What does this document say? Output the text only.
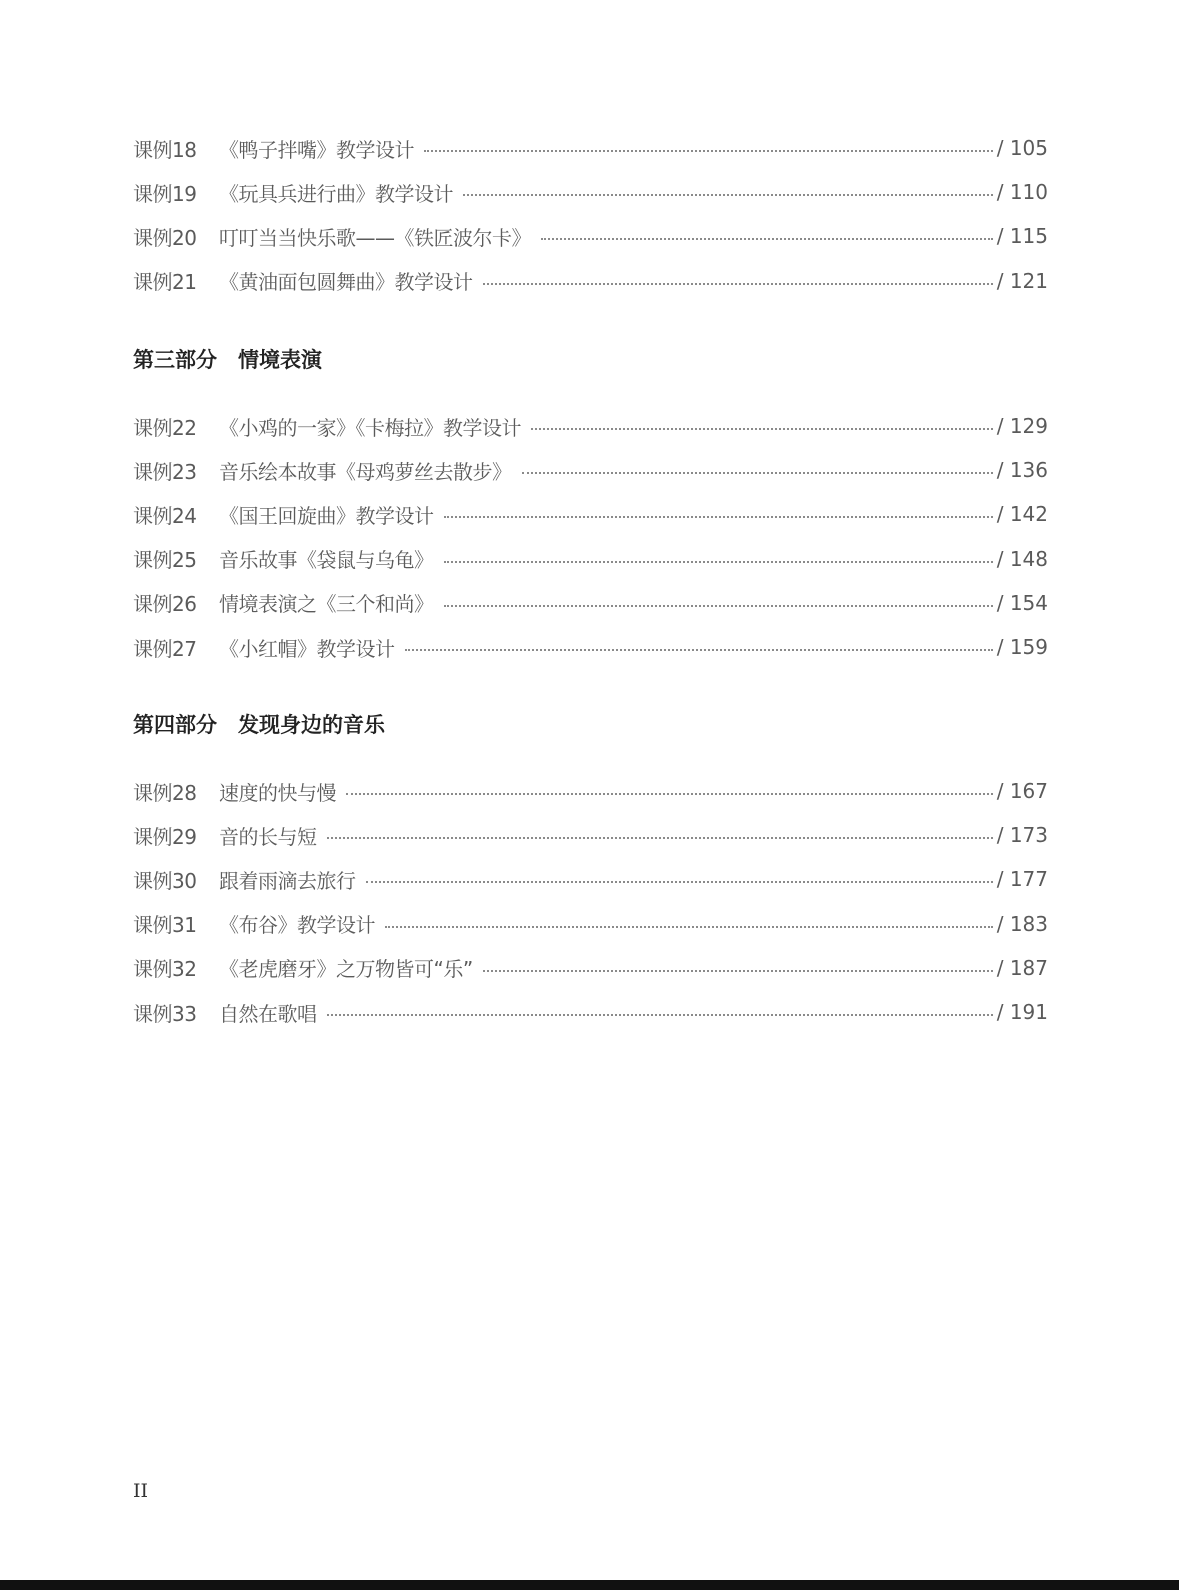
课例18	《鸭子拌嘴》教学设计	/ 105
课例19	《玩具兵进行曲》教学设计	/ 110
课例20	叮叮当当快乐歌——《铁匠波尔卡》	/ 115
课例21	《黄油面包圆舞曲》教学设计	/ 121
第三部分　情境表演
课例22	《小鸡的一家》《卡梅拉》教学设计	/ 129
课例23	音乐绘本故事《母鸡萝丝去散步》	/ 136
课例24	《国王回旋曲》教学设计	/ 142
课例25	音乐故事《袋鼠与乌龟》	/ 148
课例26	情境表演之《三个和尚》	/ 154
课例27	《小红帽》教学设计	/ 159
第四部分　发现身边的音乐
课例28	速度的快与慢	/ 167
课例29	音的长与短	/ 173
课例30	跟着雨滴去旅行	/ 177
课例31	《布谷》教学设计	/ 183
课例32	《老虎磨牙》之万物皆可“乐”	/ 187
课例33	自然在歌唱	/ 191
II
